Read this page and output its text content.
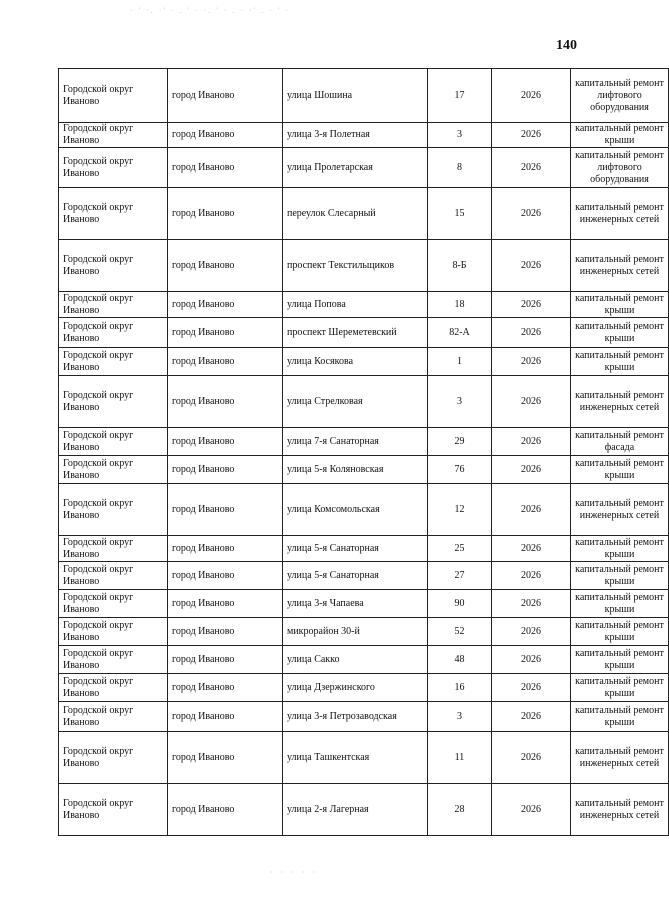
· ' ·. ·' · . ' · ·. ' · . · ·' . · ' ·
140
Городской округ Иваново	город Иваново	улица Шошина	17	2026	капитальный ремонт лифтового оборудования
Городской округ Иваново	город Иваново	улица 3-я Полетная	3	2026	капитальный ремонт крыши
Городской округ Иваново	город Иваново	улица Пролетарская	8	2026	капитальный ремонт лифтового оборудования
Городской округ Иваново	город Иваново	переулок Слесарный	15	2026	капитальный ремонт инженерных сетей
Городской округ Иваново	город Иваново	проспект Текстильщиков	8-Б	2026	капитальный ремонт инженерных сетей
Городской округ Иваново	город Иваново	улица Попова	18	2026	капитальный ремонт крыши
Городской округ Иваново	город Иваново	проспект Шереметевский	82-А	2026	капитальный ремонт крыши
Городской округ Иваново	город Иваново	улица Косякова	1	2026	капитальный ремонт крыши
Городской округ Иваново	город Иваново	улица Стрелковая	3	2026	капитальный ремонт инженерных сетей
Городской округ Иваново	город Иваново	улица 7-я Санаторная	29	2026	капитальный ремонт фасада
Городской округ Иваново	город Иваново	улица 5-я Коляновская	76	2026	капитальный ремонт крыши
Городской округ Иваново	город Иваново	улица Комсомольская	12	2026	капитальный ремонт инженерных сетей
Городской округ Иваново	город Иваново	улица 5-я Санаторная	25	2026	капитальный ремонт крыши
Городской округ Иваново	город Иваново	улица 5-я Санаторная	27	2026	капитальный ремонт крыши
Городской округ Иваново	город Иваново	улица 3-я Чапаева	90	2026	капитальный ремонт крыши
Городской округ Иваново	город Иваново	микрорайон 30-й	52	2026	капитальный ремонт крыши
Городской округ Иваново	город Иваново	улица Сакко	48	2026	капитальный ремонт крыши
Городской округ Иваново	город Иваново	улица Дзержинского	16	2026	капитальный ремонт крыши
Городской округ Иваново	город Иваново	улица 3-я Петрозаводская	3	2026	капитальный ремонт крыши
Городской округ Иваново	город Иваново	улица Ташкентская	11	2026	капитальный ремонт инженерных сетей
Городской округ Иваново	город Иваново	улица 2-я Лагерная	28	2026	капитальный ремонт инженерных сетей
· · · · ·
